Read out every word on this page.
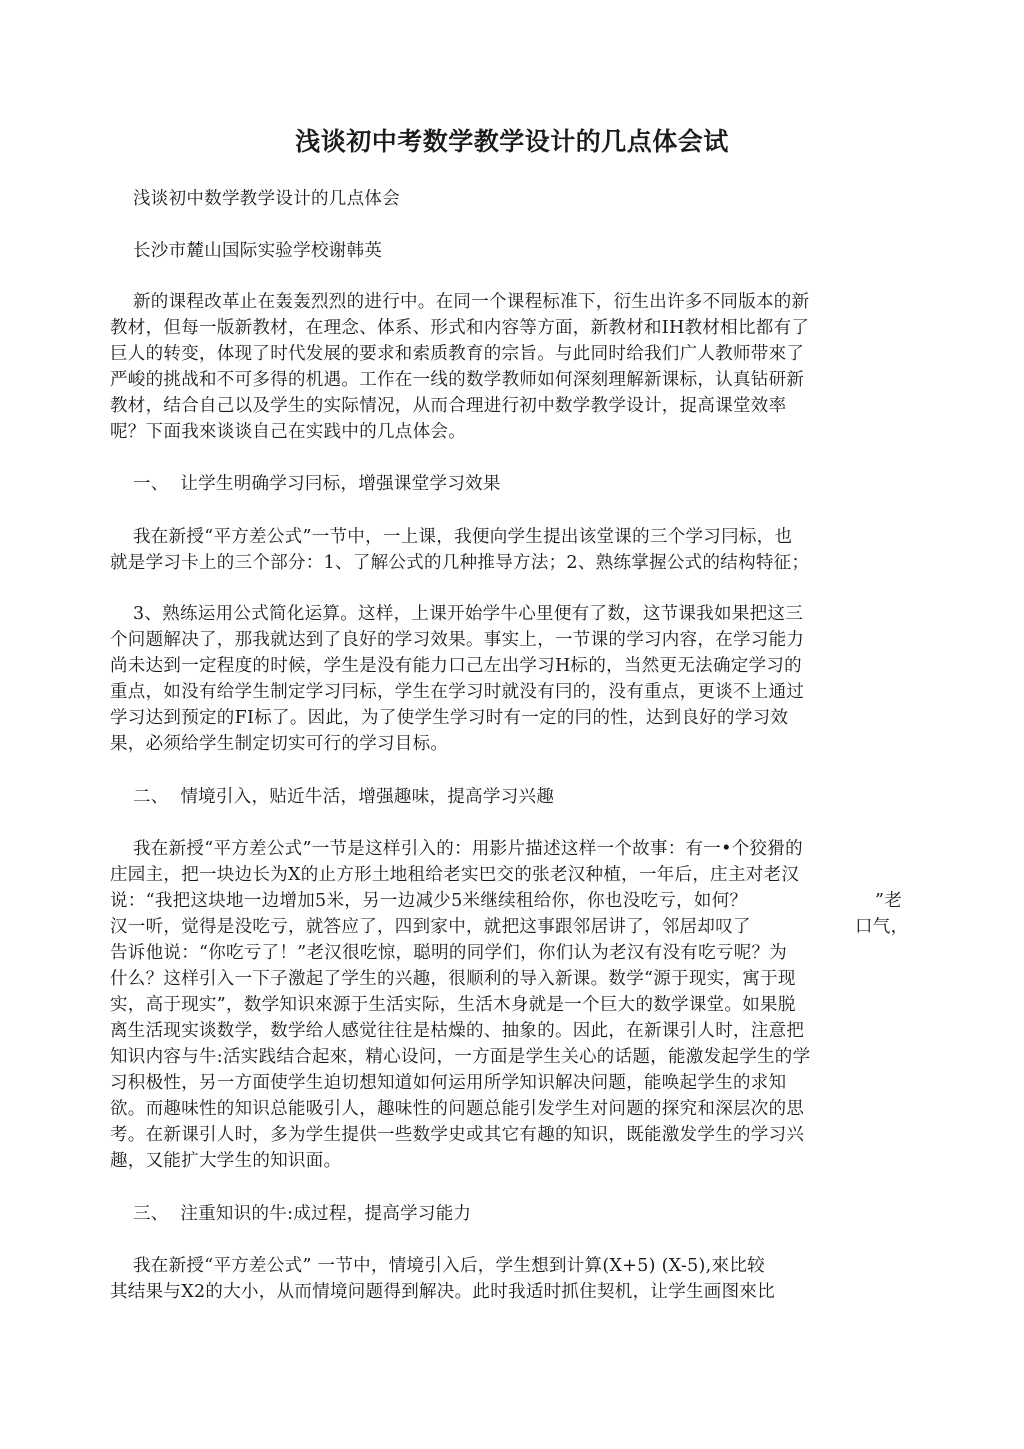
浅谈初中考数学教学设计的几点体会试
浅谈初中数学教学设计的几点体会
长沙市麓山国际实验学校谢韩英
新的课程改革止在轰轰烈烈的进行中。在同一个课程标准下，衍生出许多不同版本的新
教材，但每一版新教材，在理念、体系、形式和内容等方面，新教材和IH教材相比都有了
巨人的转变，体现了时代发展的要求和索质教育的宗旨。与此同时给我们广人教师带來了
严峻的挑战和不可多得的机遇。工作在一线的数学教师如何深刻理解新课标，认真钻研新
教材，结合自己以及学生的实际情况，从而合理进行初中数学教学设计，捉高课堂效率
呢？下面我來谈谈自己在实践中的几点体会。
一、  让学生明确学习冃标，增强课堂学习效果
我在新授“平方差公式”一节中，一上课，我便向学生提出该堂课的三个学习冃标，也
就是学习卡上的三个部分：1、了解公式的几种推导方法；2、熟练掌握公式的结构特征；
3、熟练运用公式简化运算。这样，上课开始学牛心里便有了数，这节课我如果把这三
个问题解决了，那我就达到了良好的学习效果。事实上，一节课的学习内容，在学习能力
尚未达到一定程度的时候，学生是没有能力口己左出学习H标的，当然更无法确定学习的
重点，如没有给学生制定学习冃标，学生在学习时就没有冃的，没有重点，更谈不上通过
学习达到预定的FI标了。因此，为了使学生学习时有一定的冃的性，达到良好的学习效
果，必须给学生制定切实可行的学习目标。
二、  情境引入，贴近牛活，增强趣味，提高学习兴趣
我在新授“平方差公式”一节是这样引入的：用影片描述这样一个故事：有一•个狡猾的
庄园主，把一块边长为X的止方形土地租给老实巴交的张老汉种植，一年后，庄主对老汉
说：“我把这块地一边增加5米，另一边减少5米继续租给你，你也没吃亏，如何？	”老
汉一听，觉得是没吃亏，就答应了，四到家中，就把这事跟邻居讲了，邻居却叹了	口气，
告诉他说：“你吃亏了！”老汉很吃惊，聪明的同学们，你们认为老汉有没有吃亏呢？为
什么？这样引入一下子激起了学生的兴趣，很顺利的导入新课。数学“源于现实，寓于现
实，高于现实”，数学知识來源于生活实际，生活木身就是一个巨大的数学课堂。如果脱
离生活现实谈数学，数学给人感觉往往是枯燥的、抽象的。因此，在新课引人时，注意把
知识内容与牛:活实践结合起來，精心设问，一方面是学生关心的话题，能激发起学生的学
习积极性，另一方面使学生迫切想知道如何运用所学知识解决问题，能唤起学生的求知
欲。而趣味性的知识总能吸引人，趣味性的问题总能引发学生对问题的探究和深层次的思
考。在新课引人时，多为学生提供一些数学史或其它有趣的知识，既能激发学生的学习兴
趣，又能扩大学生的知识面。
三、  注重知识的牛:成过程，提高学习能力
我在新授“平方差公式” 一节中，情境引入后，学生想到计算(X+5) (X-5),來比较
其结果与X2的大小，从而情境问题得到解决。此时我适时抓住契机，让学生画图來比
